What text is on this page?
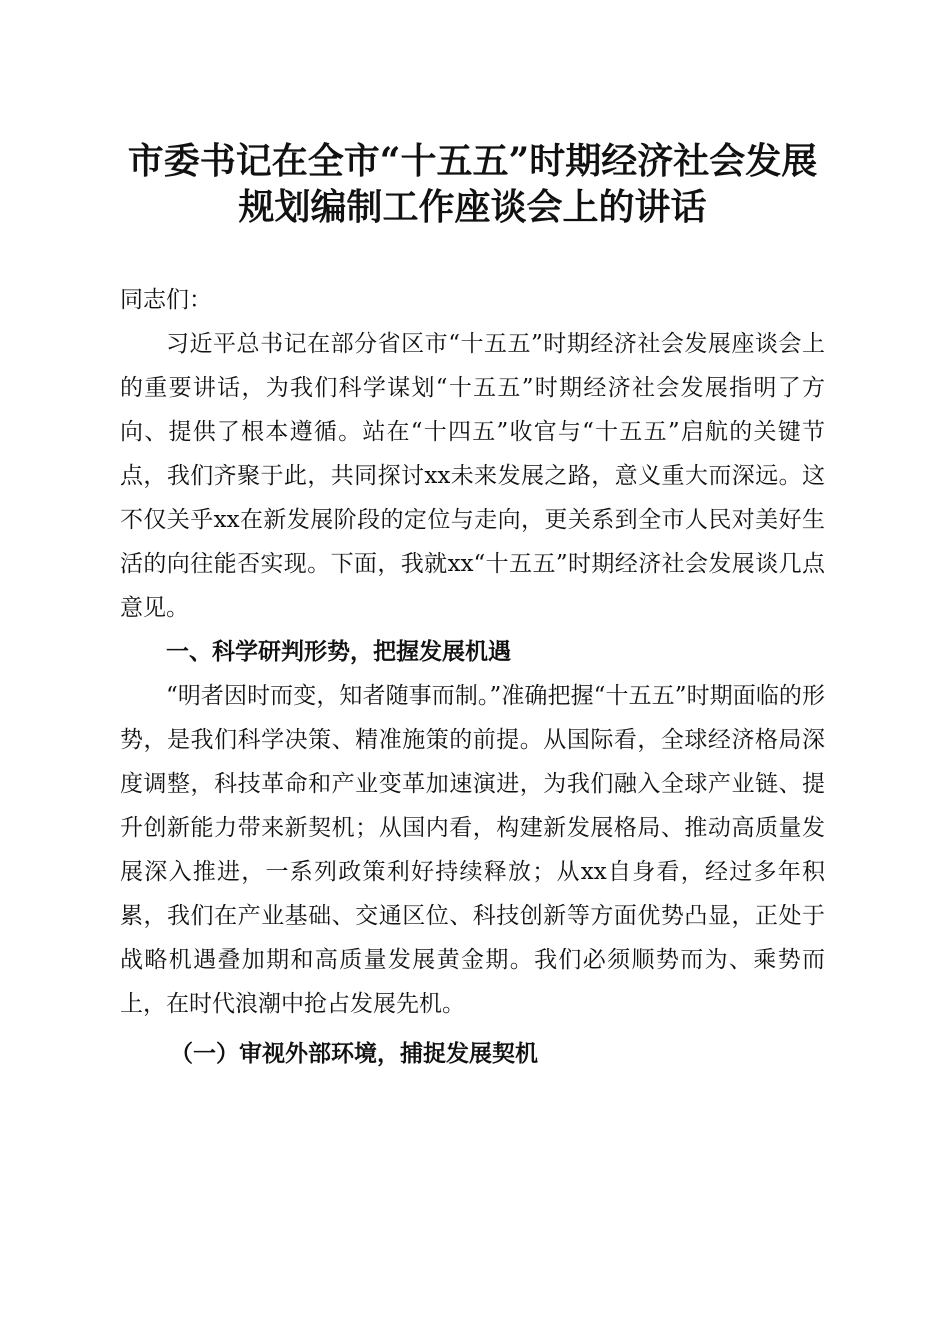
市委书记在全市“十五五”时期经济社会发展
规划编制工作座谈会上的讲话
同志们：

习近平总书记在部分省区市“十五五”时期经济社会发展座谈会上的重要讲话，为我们科学谋划“十五五”时期经济社会发展指明了方向、提供了根本遵循。站在“十四五”收官与“十五五”启航的关键节点，我们齐聚于此，共同探讨xx未来发展之路，意义重大而深远。这不仅关乎xx在新发展阶段的定位与走向，更关系到全市人民对美好生活的向往能否实现。下面，我就xx“十五五”时期经济社会发展谈几点意见。

一、科学研判形势，把握发展机遇

“明者因时而变，知者随事而制。”准确把握“十五五”时期面临的形势，是我们科学决策、精准施策的前提。从国际看，全球经济格局深度调整，科技革命和产业变革加速演进，为我们融入全球产业链、提升创新能力带来新契机；从国内看，构建新发展格局、推动高质量发展深入推进，一系列政策利好持续释放；从xx自身看，经过多年积累，我们在产业基础、交通区位、科技创新等方面优势凸显，正处于战略机遇叠加期和高质量发展黄金期。我们必须顺势而为、乘势而上，在时代浪潮中抢占发展先机。

（一）审视外部环境，捕捉发展契机
